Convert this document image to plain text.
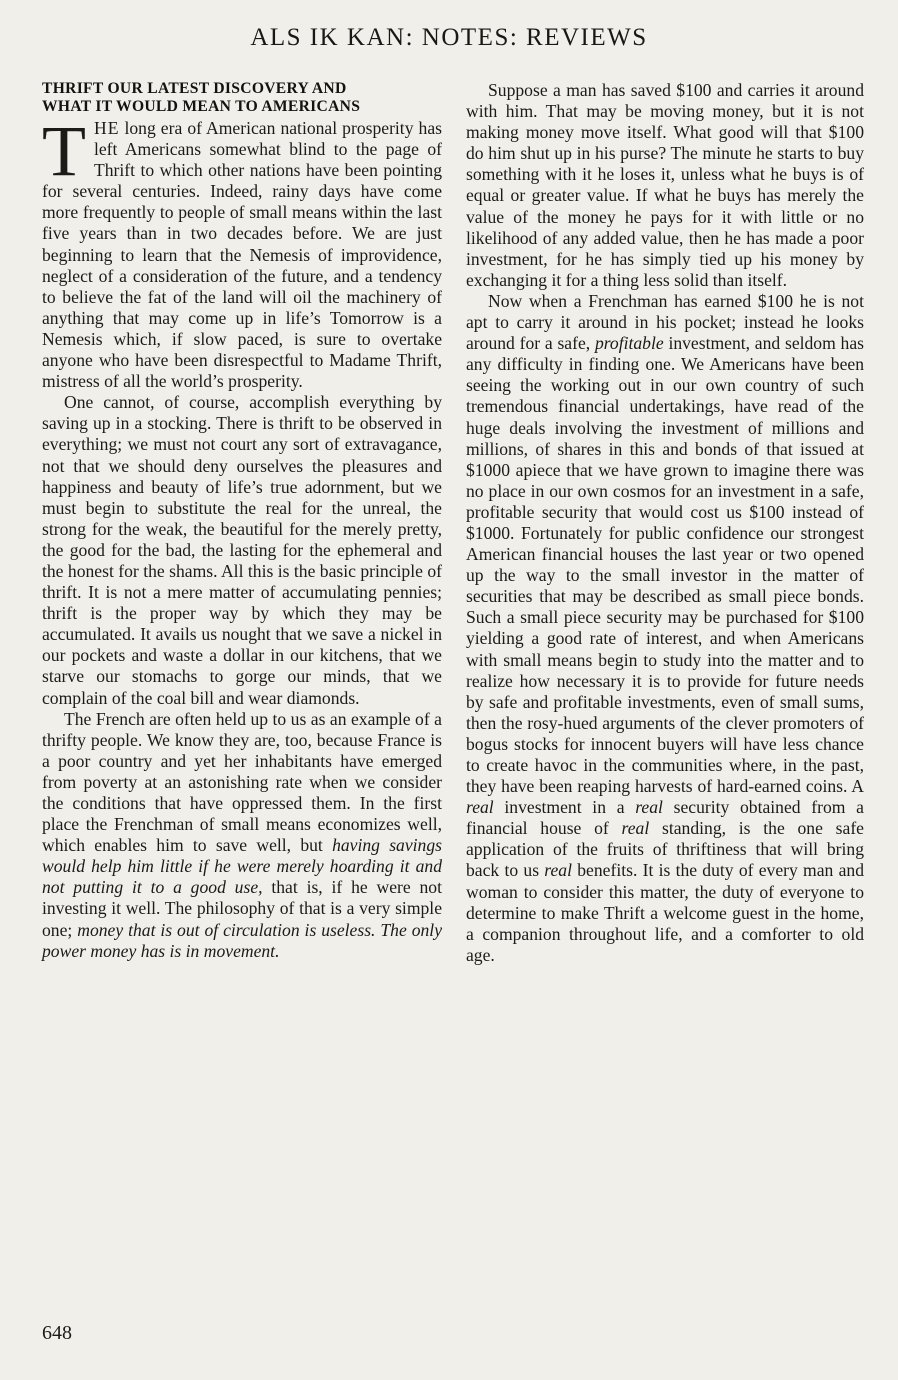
ALS IK KAN: NOTES: REVIEWS
THRIFT OUR LATEST DISCOVERY AND
WHAT IT WOULD MEAN TO AMERICANS

THE long era of American national prosperity has left Americans somewhat blind to the page of Thrift to which other nations have been pointing for several centuries. Indeed, rainy days have come more frequently to people of small means within the last five years than in two decades before. We are just beginning to learn that the Nemesis of improvidence, neglect of a consideration of the future, and a tendency to believe the fat of the land will oil the machinery of anything that may come up in life’s Tomorrow is a Nemesis which, if slow paced, is sure to overtake anyone who have been disrespectful to Madame Thrift, mistress of all the world’s prosperity.

One cannot, of course, accomplish everything by saving up in a stocking. There is thrift to be observed in everything; we must not court any sort of extravagance, not that we should deny ourselves the pleasures and happiness and beauty of life’s true adornment, but we must begin to substitute the real for the unreal, the strong for the weak, the beautiful for the merely pretty, the good for the bad, the lasting for the ephemeral and the honest for the shams. All this is the basic principle of thrift. It is not a mere matter of accumulating pennies; thrift is the proper way by which they may be accumulated. It avails us nought that we save a nickel in our pockets and waste a dollar in our kitchens, that we starve our stomachs to gorge our minds, that we complain of the coal bill and wear diamonds.

The French are often held up to us as an example of a thrifty people. We know they are, too, because France is a poor country and yet her inhabitants have emerged from poverty at an astonishing rate when we consider the conditions that have oppressed them. In the first place the Frenchman of small means economizes well, which enables him to save well, but having savings would help him little if he were merely hoarding it and not putting it to a good use, that is, if he were not investing it well. The philosophy of that is a very simple one; money that is out of circulation is useless. The only power money has is in movement.

Suppose a man has saved $100 and carries it around with him. That may be moving money, but it is not making money move itself. What good will that $100 do him shut up in his purse? The minute he starts to buy something with it he loses it, unless what he buys is of equal or greater value. If what he buys has merely the value of the money he pays for it with little or no likelihood of any added value, then he has made a poor investment, for he has simply tied up his money by exchanging it for a thing less solid than itself.

Now when a Frenchman has earned $100 he is not apt to carry it around in his pocket; instead he looks around for a safe, profitable investment, and seldom has any difficulty in finding one. We Americans have been seeing the working out in our own country of such tremendous financial undertakings, have read of the huge deals involving the investment of millions and millions, of shares in this and bonds of that issued at $1000 apiece that we have grown to imagine there was no place in our own cosmos for an investment in a safe, profitable security that would cost us $100 instead of $1000. Fortunately for public confidence our strongest American financial houses the last year or two opened up the way to the small investor in the matter of securities that may be described as small piece bonds. Such a small piece security may be purchased for $100 yielding a good rate of interest, and when Americans with small means begin to study into the matter and to realize how necessary it is to provide for future needs by safe and profitable investments, even of small sums, then the rosy-hued arguments of the clever promoters of bogus stocks for innocent buyers will have less chance to create havoc in the communities where, in the past, they have been reaping harvests of hard-earned coins. A real investment in a real security obtained from a financial house of real standing, is the one safe application of the fruits of thriftiness that will bring back to us real benefits. It is the duty of every man and woman to consider this matter, the duty of everyone to determine to make Thrift a welcome guest in the home, a companion throughout life, and a comforter to old age.

648
